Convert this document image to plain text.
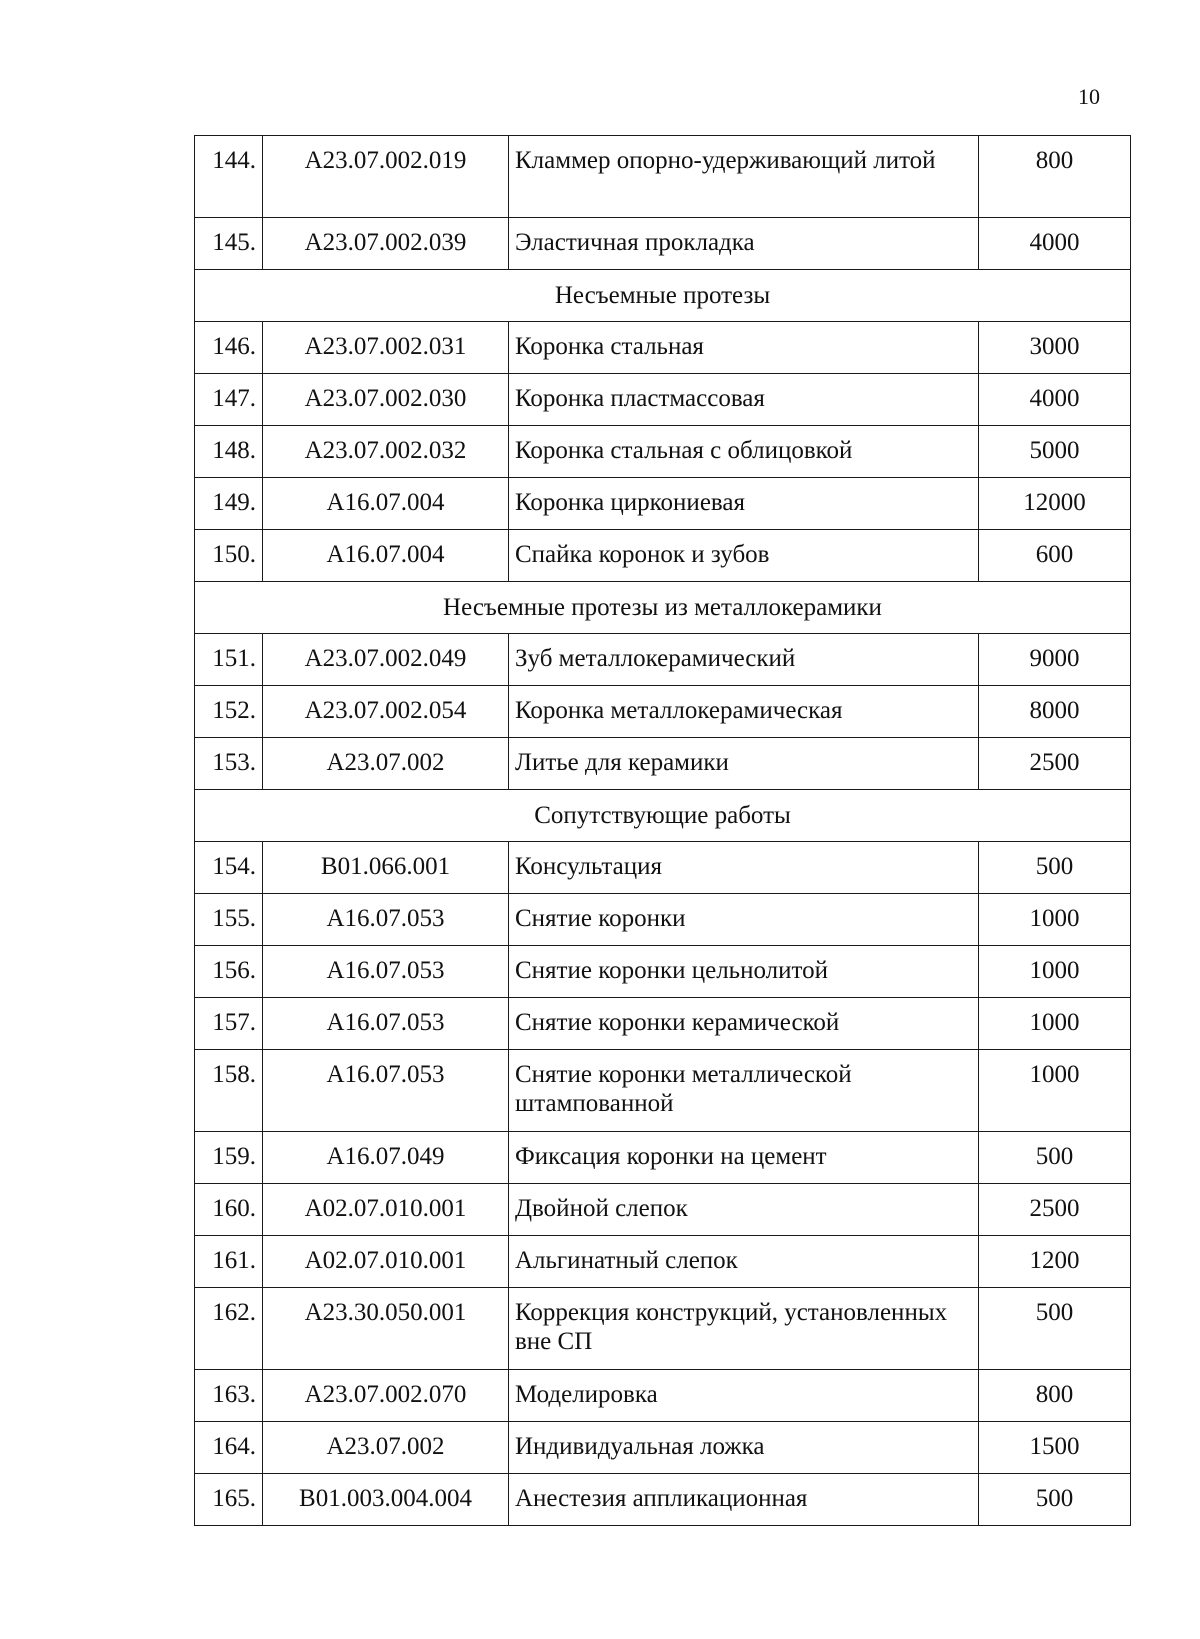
10
144.	A23.07.002.019	Кламмер опорно-удерживающий литой	800
145.	A23.07.002.039	Эластичная прокладка	4000
Несъемные протезы			
146.	A23.07.002.031	Коронка стальная	3000
147.	A23.07.002.030	Коронка пластмассовая	4000
148.	A23.07.002.032	Коронка стальная с облицовкой	5000
149.	A16.07.004	Коронка циркониевая	12000
150.	A16.07.004	Спайка коронок и зубов	600
Несъемные протезы из металлокерамики			
151.	A23.07.002.049	Зуб металлокерамический	9000
152.	A23.07.002.054	Коронка металлокерамическая	8000
153.	A23.07.002	Литье для керамики	2500
Сопутствующие работы			
154.	B01.066.001	Консультация	500
155.	A16.07.053	Снятие коронки	1000
156.	A16.07.053	Снятие коронки цельнолитой	1000
157.	A16.07.053	Снятие коронки керамической	1000
158.	A16.07.053	Снятие коронки металлической штампованной	1000
159.	A16.07.049	Фиксация коронки на цемент	500
160.	A02.07.010.001	Двойной слепок	2500
161.	A02.07.010.001	Альгинатный слепок	1200
162.	A23.30.050.001	Коррекция конструкций, установленных вне СП	500
163.	A23.07.002.070	Моделировка	800
164.	A23.07.002	Индивидуальная ложка	1500
165.	B01.003.004.004	Анестезия аппликационная	500
